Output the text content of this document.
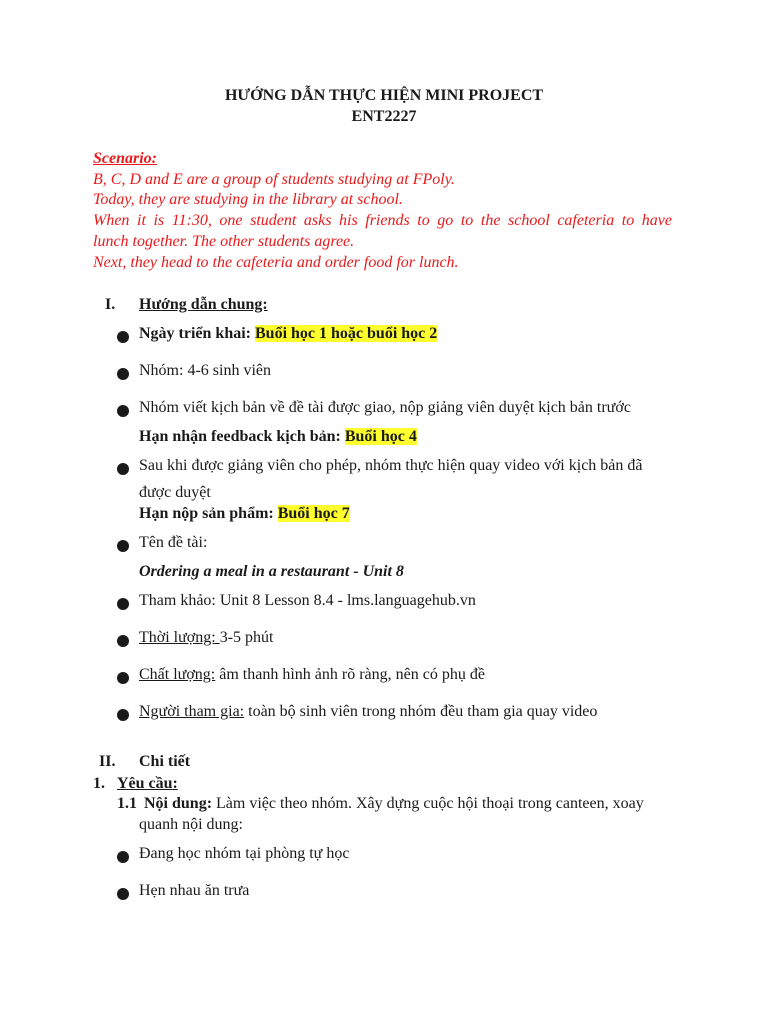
HƯỚNG DẪN THỰC HIỆN MINI PROJECT
ENT2227
Scenario:
B, C, D and E are a group of students studying at FPoly.
Today, they are studying in the library at school.
When it is 11:30, one student asks his friends to go to the school cafeteria to have
lunch together. The other students agree.
Next, they head to the cafeteria and order food for lunch.
I. Hướng dẫn chung:
Ngày triển khai: Buổi học 1 hoặc buổi học 2
Nhóm: 4-6 sinh viên
Nhóm viết kịch bản về đề tài được giao, nộp giảng viên duyệt kịch bản trước
Hạn nhận feedback kịch bản: Buổi học 4
Sau khi được giảng viên cho phép, nhóm thực hiện quay video với kịch bản đã
được duyệt
Hạn nộp sản phẩm: Buổi học 7
Tên đề tài:
Ordering a meal in a restaurant - Unit 8
Tham khảo: Unit 8 Lesson 8.4 - lms.languagehub.vn
Thời lượng: 3-5 phút
Chất lượng: âm thanh hình ảnh rõ ràng, nên có phụ đề
Người tham gia: toàn bộ sinh viên trong nhóm đều tham gia quay video
II. Chi tiết
1. Yêu cầu:
1.1 Nội dung: Làm việc theo nhóm. Xây dựng cuộc hội thoại trong canteen, xoay
quanh nội dung:
Đang học nhóm tại phòng tự học
Hẹn nhau ăn trưa
